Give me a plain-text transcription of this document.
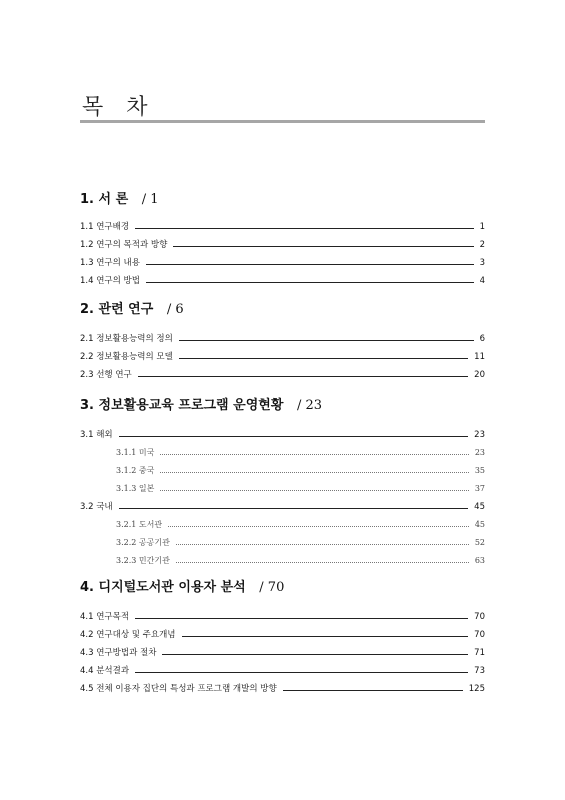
목 차
1. 서 론 / 1
1.1 연구배경	1
1.2 연구의 목적과 방향	2
1.3 연구의 내용	3
1.4 연구의 방법	4
2. 관련 연구 / 6
2.1 정보활용능력의 정의	6
2.2 정보활용능력의 모델	11
2.3 선행 연구	20
3. 정보활용교육 프로그램 운영현황 / 23
3.1 해외	23
3.1.1 미국	23
3.1.2 중국	35
3.1.3 일본	37
3.2 국내	45
3.2.1 도서관	45
3.2.2 공공기관	52
3.2.3 민간기관	63
4. 디지털도서관 이용자 분석 / 70
4.1 연구목적	70
4.2 연구대상 및 주요개념	70
4.3 연구방법과 절차	71
4.4 분석결과	73
4.5 전체 이용자 집단의 특성과 프로그램 개발의 방향	125
